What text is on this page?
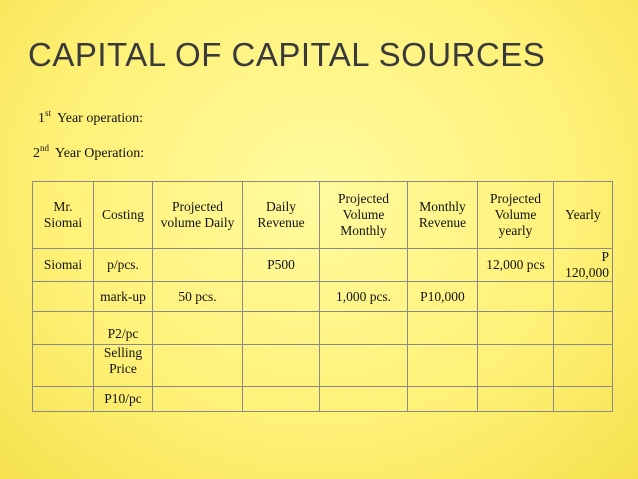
CAPITAL OF CAPITAL SOURCES
1st Year operation:
2nd Year Operation:
Mr. Siomai	Costing	Projected volume Daily	Daily Revenue	Projected Volume Monthly	Monthly Revenue	Projected Volume yearly	Yearly
Siomai	p/pcs.		P500			12,000 pcs	P 120,000
	mark-up	50 pcs.		1,000 pcs.	P10,000		
	P2/pc						
	Selling Price						
	P10/pc						
